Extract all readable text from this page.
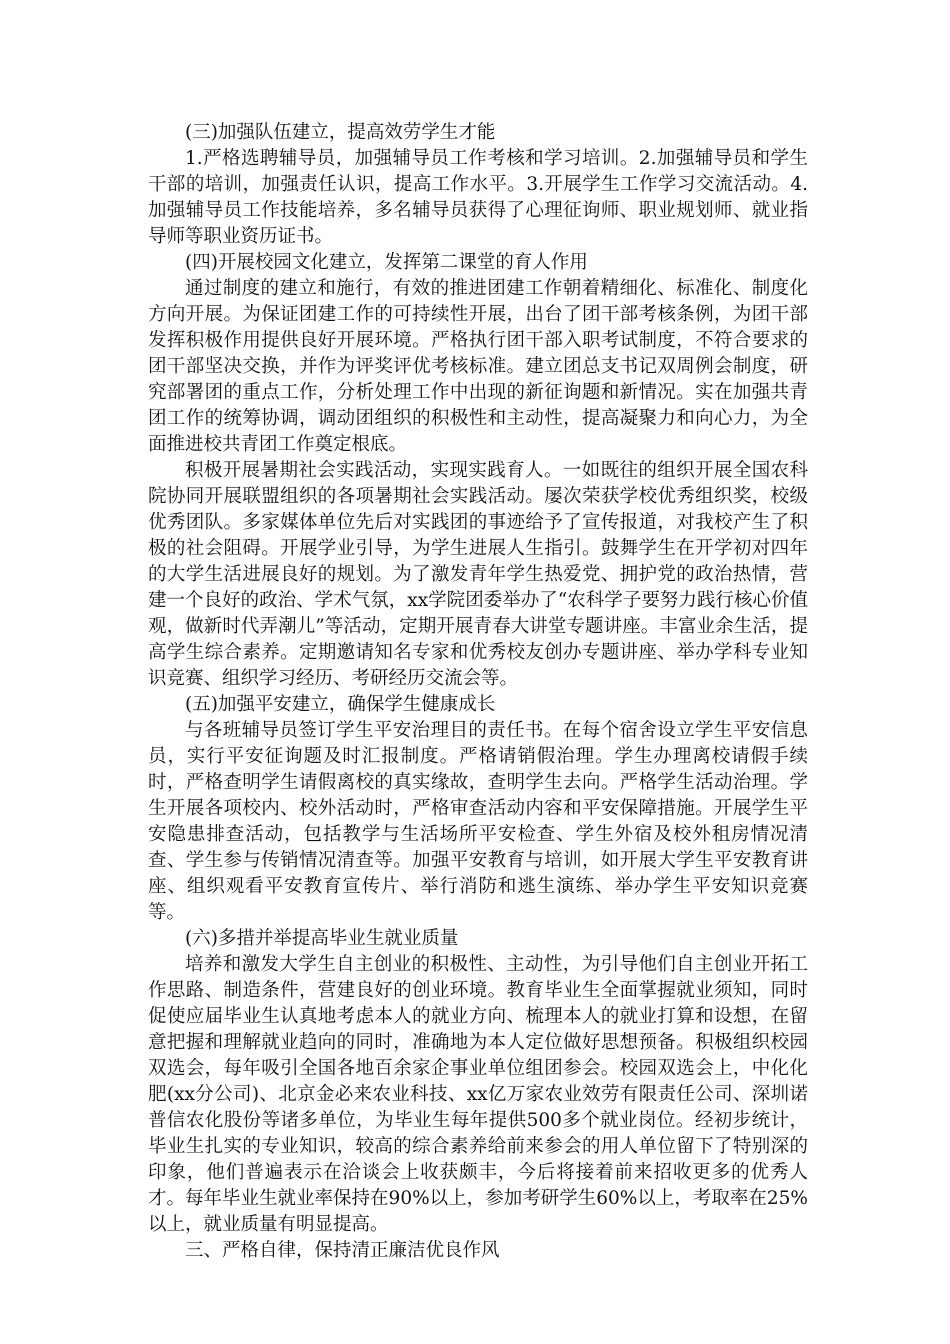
(三)加强队伍建立，提高效劳学生才能

1.严格选聘辅导员，加强辅导员工作考核和学习培训。2.加强辅导员和学生干部的培训，加强责任认识，提高工作水平。3.开展学生工作学习交流活动。4.加强辅导员工作技能培养，多名辅导员获得了心理征询师、职业规划师、就业指导师等职业资历证书。

(四)开展校园文化建立，发挥第二课堂的育人作用

通过制度的建立和施行，有效的推进团建工作朝着精细化、标准化、制度化方向开展。为保证团建工作的可持续性开展，出台了团干部考核条例，为团干部发挥积极作用提供良好开展环境。严格执行团干部入职考试制度，不符合要求的团干部坚决交换，并作为评奖评优考核标准。建立团总支书记双周例会制度，研究部署团的重点工作，分析处理工作中出现的新征询题和新情况。实在加强共青团工作的统筹协调，调动团组织的积极性和主动性，提高凝聚力和向心力，为全面推进校共青团工作奠定根底。

积极开展暑期社会实践活动，实现实践育人。一如既往的组织开展全国农科院协同开展联盟组织的各项暑期社会实践活动。屡次荣获学校优秀组织奖，校级优秀团队。多家媒体单位先后对实践团的事迹给予了宣传报道，对我校产生了积极的社会阻碍。开展学业引导，为学生进展人生指引。鼓舞学生在开学初对四年的大学生活进展良好的规划。为了激发青年学生热爱党、拥护党的政治热情，营建一个良好的政治、学术气氛，xx学院团委举办了“农科学子要努力践行核心价值观，做新时代弄潮儿”等活动，定期开展青春大讲堂专题讲座。丰富业余生活，提高学生综合素养。定期邀请知名专家和优秀校友创办专题讲座、举办学科专业知识竞赛、组织学习经历、考研经历交流会等。

(五)加强平安建立，确保学生健康成长

与各班辅导员签订学生平安治理目的责任书。在每个宿舍设立学生平安信息员，实行平安征询题及时汇报制度。严格请销假治理。学生办理离校请假手续时，严格查明学生请假离校的真实缘故，查明学生去向。严格学生活动治理。学生开展各项校内、校外活动时，严格审查活动内容和平安保障措施。开展学生平安隐患排查活动，包括教学与生活场所平安检查、学生外宿及校外租房情况清查、学生参与传销情况清查等。加强平安教育与培训，如开展大学生平安教育讲座、组织观看平安教育宣传片、举行消防和逃生演练、举办学生平安知识竞赛等。

(六)多措并举提高毕业生就业质量

培养和激发大学生自主创业的积极性、主动性，为引导他们自主创业开拓工作思路、制造条件，营建良好的创业环境。教育毕业生全面掌握就业须知，同时促使应届毕业生认真地考虑本人的就业方向、梳理本人的就业打算和设想，在留意把握和理解就业趋向的同时，准确地为本人定位做好思想预备。积极组织校园双选会，每年吸引全国各地百余家企事业单位组团参会。校园双选会上，中化化肥(xx分公司)、北京金必来农业科技、xx亿万家农业效劳有限责任公司、深圳诺普信农化股份等诸多单位，为毕业生每年提供500多个就业岗位。经初步统计，毕业生扎实的专业知识，较高的综合素养给前来参会的用人单位留下了特别深的印象，他们普遍表示在洽谈会上收获颇丰，今后将接着前来招收更多的优秀人才。每年毕业生就业率保持在90%以上，参加考研学生60%以上，考取率在25%以上，就业质量有明显提高。

三、严格自律，保持清正廉洁优良作风
